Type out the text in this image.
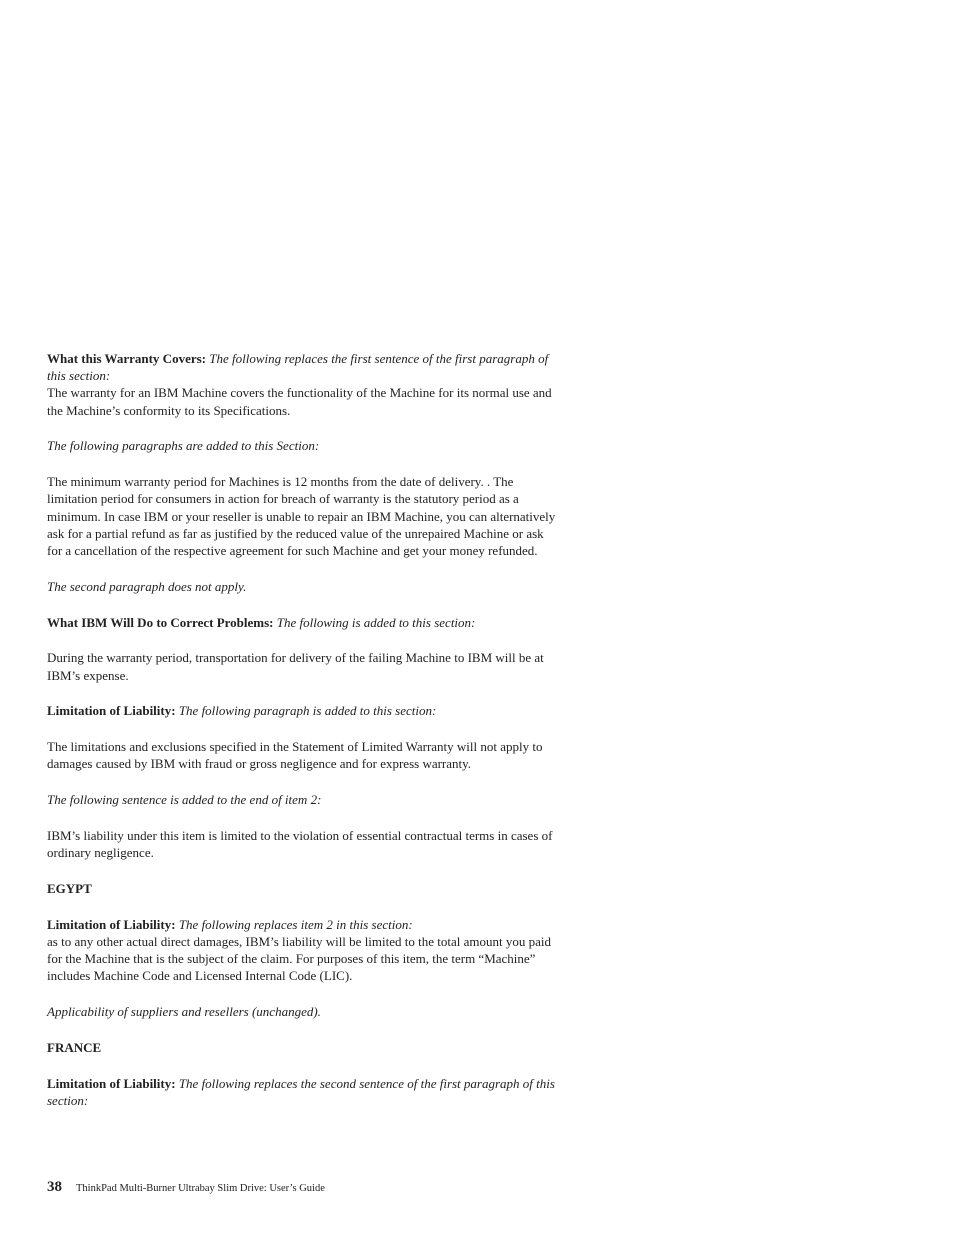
What this Warranty Covers: The following replaces the first sentence of the first paragraph of this section:
The warranty for an IBM Machine covers the functionality of the Machine for its normal use and the Machine’s conformity to its Specifications.

The following paragraphs are added to this Section:

The minimum warranty period for Machines is 12 months from the date of delivery. . The limitation period for consumers in action for breach of warranty is the statutory period as a minimum. In case IBM or your reseller is unable to repair an IBM Machine, you can alternatively ask for a partial refund as far as justified by the reduced value of the unrepaired Machine or ask for a cancellation of the respective agreement for such Machine and get your money refunded.

The second paragraph does not apply.

What IBM Will Do to Correct Problems: The following is added to this section:

During the warranty period, transportation for delivery of the failing Machine to IBM will be at IBM’s expense.

Limitation of Liability: The following paragraph is added to this section:

The limitations and exclusions specified in the Statement of Limited Warranty will not apply to damages caused by IBM with fraud or gross negligence and for express warranty.

The following sentence is added to the end of item 2:

IBM’s liability under this item is limited to the violation of essential contractual terms in cases of ordinary negligence.

EGYPT

Limitation of Liability: The following replaces item 2 in this section:
as to any other actual direct damages, IBM’s liability will be limited to the total amount you paid for the Machine that is the subject of the claim. For purposes of this item, the term “Machine” includes Machine Code and Licensed Internal Code (LIC).

Applicability of suppliers and resellers (unchanged).

FRANCE

Limitation of Liability: The following replaces the second sentence of the first paragraph of this section:

38 ThinkPad Multi-Burner Ultrabay Slim Drive: User’s Guide
